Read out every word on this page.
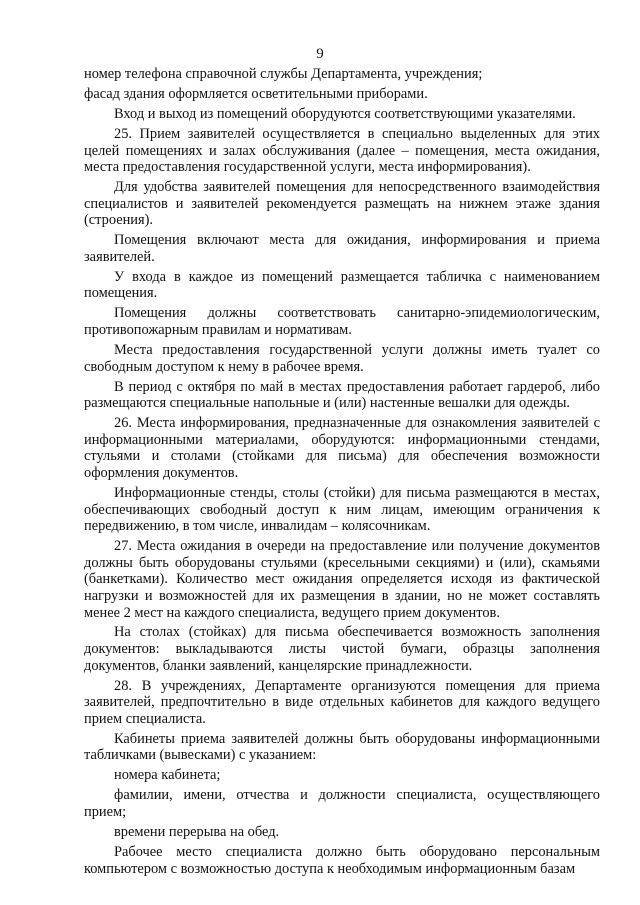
9

номер телефона справочной службы Департамента, учреждения;

фасад здания оформляется осветительными приборами.

Вход и выход из помещений оборудуются соответствующими указателями.

25. Прием заявителей осуществляется в специально выделенных для этих целей помещениях и залах обслуживания (далее – помещения, места ожидания, места предоставления государственной услуги, места информирования).

Для удобства заявителей помещения для непосредственного взаимодействия специалистов и заявителей рекомендуется размещать на нижнем этаже здания (строения).

Помещения включают места для ожидания, информирования и приема заявителей.

У входа в каждое из помещений размещается табличка с наименованием помещения.

Помещения должны соответствовать санитарно-эпидемиологическим, противопожарным правилам и нормативам.

Места предоставления государственной услуги должны иметь туалет со свободным доступом к нему в рабочее время.

В период с октября по май в местах предоставления работает гардероб, либо размещаются специальные напольные и (или) настенные вешалки для одежды.

26. Места информирования, предназначенные для ознакомления заявителей с информационными материалами, оборудуются: информационными стендами, стульями и столами (стойками для письма) для обеспечения возможности оформления документов.

Информационные стенды, столы (стойки) для письма размещаются в местах, обеспечивающих свободный доступ к ним лицам, имеющим ограничения к передвижению, в том числе, инвалидам – колясочникам.

27. Места ожидания в очереди на предоставление или получение документов должны быть оборудованы стульями (кресельными секциями) и (или), скамьями (банкетками). Количество мест ожидания определяется исходя из фактической нагрузки и возможностей для их размещения в здании, но не может составлять менее 2 мест на каждого специалиста, ведущего прием документов.

На столах (стойках) для письма обеспечивается возможность заполнения документов: выкладываются листы чистой бумаги, образцы заполнения документов, бланки заявлений, канцелярские принадлежности.

28. В учреждениях, Департаменте организуются помещения для приема заявителей, предпочтительно в виде отдельных кабинетов для каждого ведущего прием специалиста.

Кабинеты приема заявителей должны быть оборудованы информационными табличками (вывесками) с указанием:

номера кабинета;

фамилии, имени, отчества и должности специалиста, осуществляющего прием;

времени перерыва на обед.

Рабочее место специалиста должно быть оборудовано персональным компьютером с возможностью доступа к необходимым информационным базам
